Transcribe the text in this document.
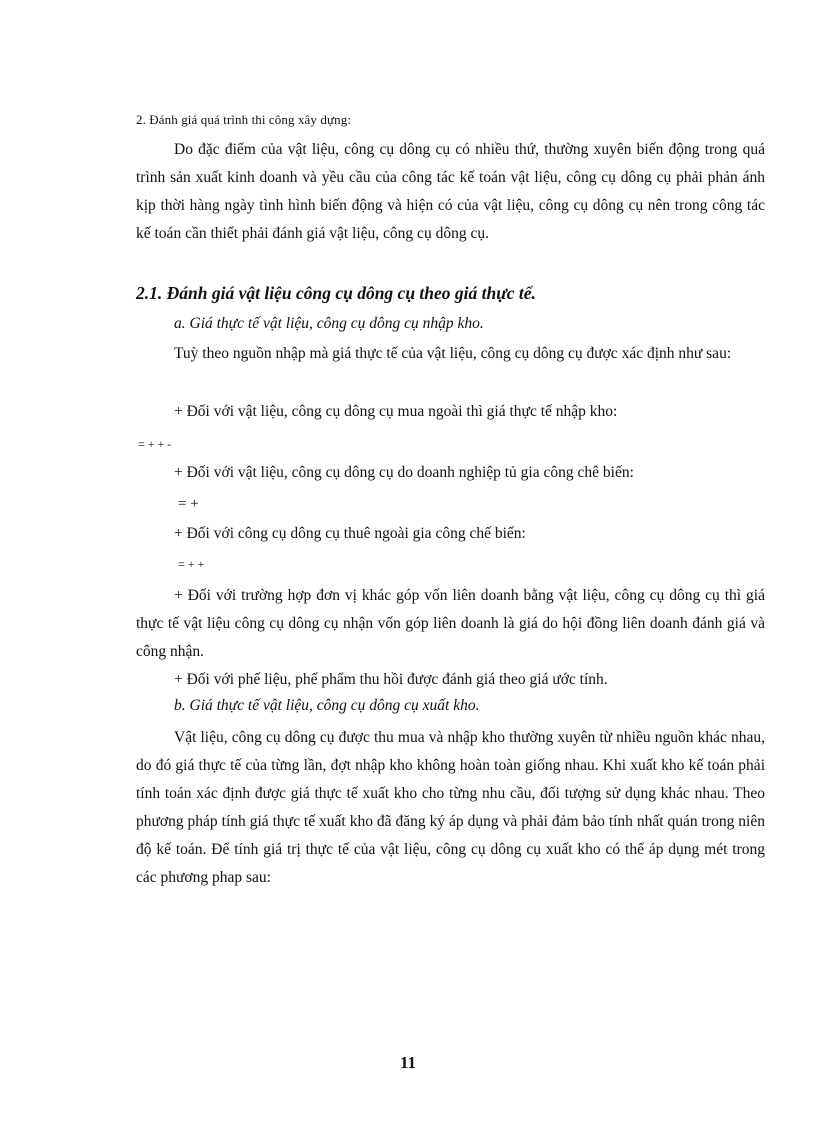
2. Đánh giá quá trình thi công xây dựng:

Do đặc điểm của vật liệu, công cụ dông cụ có nhiều thứ, thường xuyên biến động trong quá trình sản xuất kinh doanh và yều cầu của công tác kế toán vật liệu, công cụ dông cụ phải phản ánh kịp thời hàng ngày tình hình biến động và hiện có của vật liệu, công cụ dông cụ nên trong công tác kế toán cần thiết phải đánh giá vật liệu, công cụ dông cụ.

2.1. Đánh giá vật liệu công cụ dông cụ theo giá thực tế.
a. Giá thực tế vật liệu, công cụ dông cụ nhập kho.

Tuỳ theo nguồn nhập mà giá thực tế của vật liệu, công cụ dông cụ được xác định như sau:

+ Đối với vật liệu, công cụ dông cụ mua ngoài thì giá thực tế nhập kho:
= + + -
+ Đối với vật liệu, công cụ dông cụ do doanh nghiệp tủ gia công chê biến:
= +
+ Đối với công cụ dông cụ thuê ngoài gia công chế biến:
= + +

+ Đối với trường hợp đơn vị khác góp vốn liên doanh bằng vật liệu, công cụ dông cụ thì giá thực tế vật liệu công cụ dông cụ nhận vốn góp liên doanh là giá do hội đồng liên doanh đánh giá và công nhận.

+ Đối với phế liệu, phế phẩm thu hồi được đánh giá theo giá ước tính.
b. Giá thực tế vật liệu, công cụ dông cụ xuất kho.

Vật liệu, công cụ dông cụ được thu mua và nhập kho thường xuyên từ nhiều nguồn khác nhau, do đó giá thực tế của từng lần, đợt nhập kho không hoàn toàn giống nhau. Khi xuất kho kế toán phải tính toán xác định được giá thực tế xuất kho cho từng nhu cầu, đối tượng sử dụng khác nhau. Theo phương pháp tính giá thực tế xuất kho đã đăng ký áp dụng và phải đảm bảo tính nhất quán trong niên độ kế toán. Để tính giá trị thực tế của vật liệu, công cụ dông cụ xuất kho có thể áp dụng mét trong các phương phap sau:

11
